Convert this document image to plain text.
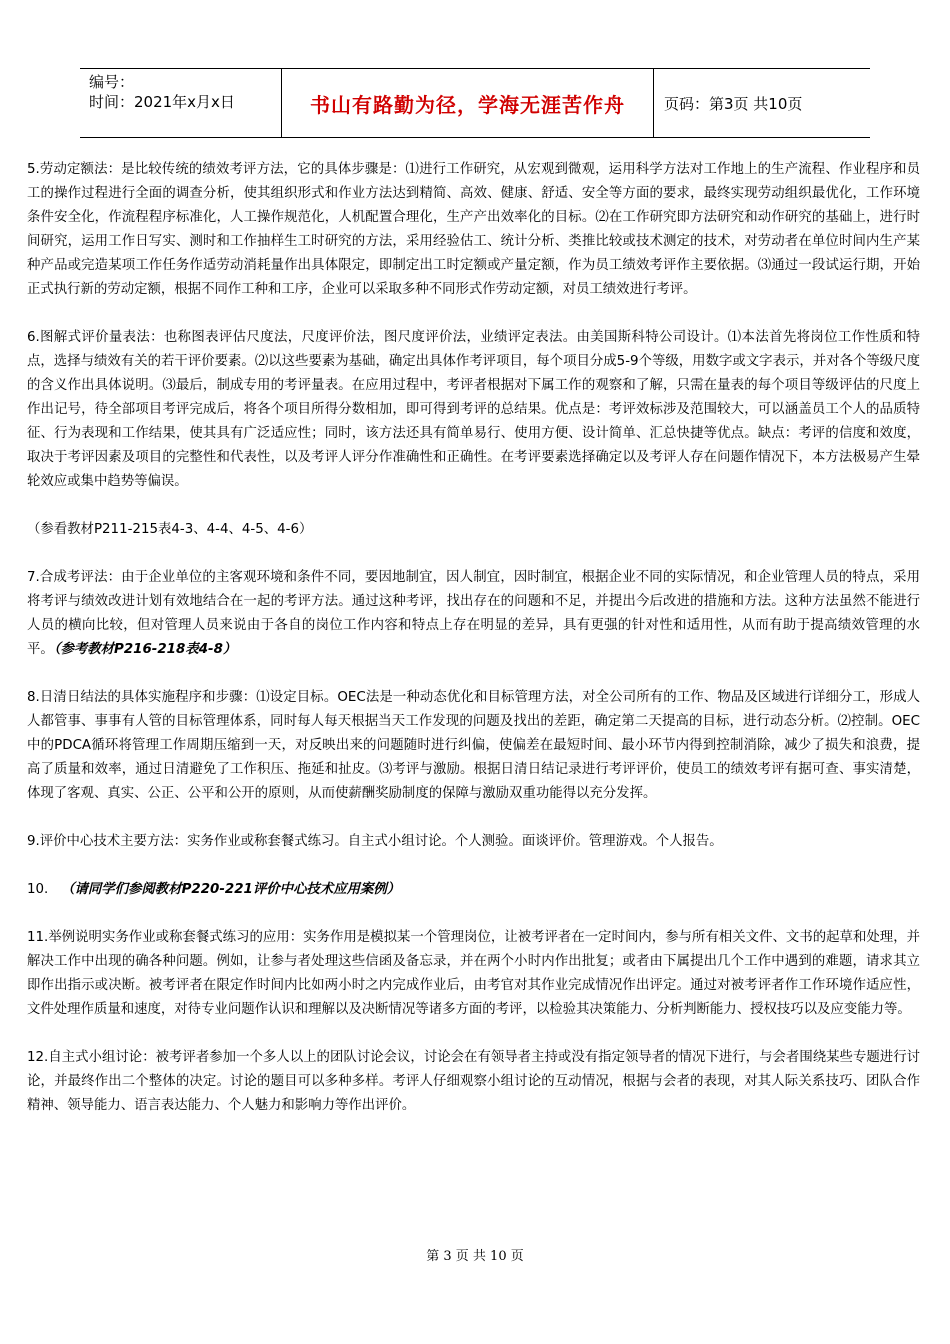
编号：
时间：2021年x月x日	书山有路勤为径，学海无涯苦作舟	页码：第3页 共10页

5.劳动定额法：是比较传统的绩效考评方法，它的具体步骤是：⑴进行工作研究，从宏观到微观，运用科学方法对工作地上的生产流程、作业程序和员工的操作过程进行全面的调查分析，使其组织形式和作业方法达到精简、高效、健康、舒适、安全等方面的要求，最终实现劳动组织最优化，工作环境条件安全化，作流程程序标准化，人工操作规范化，人机配置合理化，生产产出效率化的目标。⑵在工作研究即方法研究和动作研究的基础上，进行时间研究，运用工作日写实、测时和工作抽样生工时研究的方法，采用经验估工、统计分析、类推比较或技术测定的技术，对劳动者在单位时间内生产某种产品或完造某项工作任务作适劳动消耗量作出具体限定，即制定出工时定额或产量定额，作为员工绩效考评作主要依据。⑶通过一段试运行期，开始正式执行新的劳动定额，根据不同作工种和工序，企业可以采取多种不同形式作劳动定额，对员工绩效进行考评。

6.图解式评价量表法：也称图表评估尺度法，尺度评价法，图尺度评价法，业绩评定表法。由美国斯科特公司设计。⑴本法首先将岗位工作性质和特点，选择与绩效有关的若干评价要素。⑵以这些要素为基础，确定出具体作考评项目，每个项目分成5-9个等级，用数字或文字表示，并对各个等级尺度的含义作出具体说明。⑶最后，制成专用的考评量表。在应用过程中，考评者根据对下属工作的观察和了解，只需在量表的每个项目等级评估的尺度上作出记号，待全部项目考评完成后，将各个项目所得分数相加，即可得到考评的总结果。优点是：考评效标涉及范围较大，可以涵盖员工个人的品质特征、行为表现和工作结果，使其具有广泛适应性；同时，该方法还具有简单易行、使用方便、设计简单、汇总快捷等优点。缺点：考评的信度和效度，取决于考评因素及项目的完整性和代表性，以及考评人评分作准确性和正确性。在考评要素选择确定以及考评人存在问题作情况下，本方法极易产生晕轮效应或集中趋势等偏误。

（参看教材P211-215表4-3、4-4、4-5、4-6）

7.合成考评法：由于企业单位的主客观环境和条件不同，要因地制宜，因人制宜，因时制宜，根据企业不同的实际情况，和企业管理人员的特点，采用将考评与绩效改进计划有效地结合在一起的考评方法。通过这种考评，找出存在的问题和不足，并提出今后改进的措施和方法。这种方法虽然不能进行人员的横向比较，但对管理人员来说由于各自的岗位工作内容和特点上存在明显的差异，具有更强的针对性和适用性，从而有助于提高绩效管理的水平。（参考教材P216-218表4-8）

8.日清日结法的具体实施程序和步骤：⑴设定目标。OEC法是一种动态优化和目标管理方法，对全公司所有的工作、物品及区域进行详细分工，形成人人都管事、事事有人管的目标管理体系，同时每人每天根据当天工作发现的问题及找出的差距，确定第二天提高的目标，进行动态分析。⑵控制。OEC中的PDCA循环将管理工作周期压缩到一天，对反映出来的问题随时进行纠偏，使偏差在最短时间、最小环节内得到控制消除，减少了损失和浪费，提高了质量和效率，通过日清避免了工作积压、拖延和扯皮。⑶考评与激励。根据日清日结记录进行考评评价，使员工的绩效考评有据可查、事实清楚，体现了客观、真实、公正、公平和公开的原则，从而使薪酬奖励制度的保障与激励双重功能得以充分发挥。

9.评价中心技术主要方法：实务作业或称套餐式练习。自主式小组讨论。个人测验。面谈评价。管理游戏。个人报告。

10.   （请同学们参阅教材P220-221评价中心技术应用案例）

11.举例说明实务作业或称套餐式练习的应用：实务作用是模拟某一个管理岗位，让被考评者在一定时间内，参与所有相关文件、文书的起草和处理，并解决工作中出现的确各种问题。例如，让参与者处理这些信函及备忘录，并在两个小时内作出批复；或者由下属提出几个工作中遇到的难题，请求其立即作出指示或决断。被考评者在限定作时间内比如两小时之内完成作业后，由考官对其作业完成情况作出评定。通过对被考评者作工作环境作适应性，文件处理作质量和速度，对待专业问题作认识和理解以及决断情况等诸多方面的考评，以检验其决策能力、分析判断能力、授权技巧以及应变能力等。

12.自主式小组讨论：被考评者参加一个多人以上的团队讨论会议，讨论会在有领导者主持或没有指定领导者的情况下进行，与会者围绕某些专题进行讨论，并最终作出二个整体的决定。讨论的题目可以多种多样。考评人仔细观察小组讨论的互动情况，根据与会者的表现，对其人际关系技巧、团队合作精神、领导能力、语言表达能力、个人魅力和影响力等作出评价。

第 3 页 共 10 页
